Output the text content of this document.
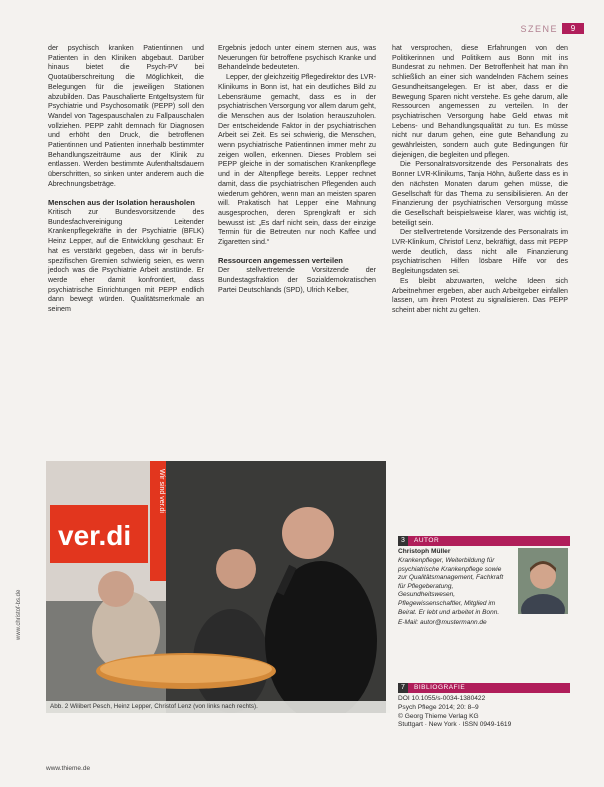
SZENE	9

der psychisch kranken Patientinnen und Patienten in den Kliniken abgebaut. Darüber hinaus bietet die Psych-PV bei Quotaüberschreitung die Möglichkeit, die Belegungen für die jeweiligen Stationen abzubilden. Das Pauschalierte Entgeltsystem für Psychiatrie und Psychosomatik (PEPP) soll den Wandel von Tagespauschalen zu Fallpauschalen vollziehen. PEPP zahlt demnach für Diagnosen und erhöht den Druck, die betroffenen Patientinnen und Patienten innerhalb bestimmter Behandlungszeiträume aus der Klinik zu entlassen. Werden bestimmte Aufenthaltsdauern überschritten, so sinken unter anderem auch die Abrechnungsbeträge.

Menschen aus der Isolation herausholen

Kritisch zur Bundesvorsitzende des Bundesfachvereinigung Leitender Krankenpflegekräfte in der Psychiatrie (BFLK) Heinz Lepper, auf die Entwicklung geschaut: Er hat es verstärkt gegeben, dass wir in berufs-spezifischen Gremien schwierig seien, es wenn jedoch was die Psychiatrie Arbeit anstünde. Er werde eher damit konfrontiert, dass psychiatrische Einrichtungen mit PEPP endlich dann bewegt würden. Qualitätsmerkmale an seinem

Ergebnis jedoch unter einem sternen aus, was Neuerungen für betroffene psychisch Kranke und Behandelnde bedeuteten.

Lepper, der gleichzeitig Pflegedirektor des LVR-Klinikums in Bonn ist, hat ein deutliches Bild zu Lebensräume gemacht, dass es in der psychiatrischen Versorgung vor allem darum geht, die Menschen aus der Isolation herauszuholen. Der entscheidende Faktor in der psychiatrischen Arbeit sei Zeit. Es sei schwierig, die Menschen, wenn psychiatrische Patientinnen immer mehr zu zeigen wollen, erkennen. Dieses Problem sei PEPP gleiche in der somatischen Krankenpflege und in der Altenpflege bereits. Lepper rechnet damit, dass die psychiatrischen Pflegenden auch wiederum gehören, wenn man an meisten sparen will. Prakatisch hat Lepper eine Mahnung ausgesprochen, deren Sprengkraft er sich bewusst ist: „Es darf nicht sein, dass der einzige Termin für die Betreuten nur noch Kaffee und Zigaretten sind.“

Ressourcen angemessen verteilen

Der stellvertretende Vorsitzende der Bundestagsfraktion der Sozialdemokratischen Partei Deutschlands (SPD), Ulrich Kelber,

hat versprochen, diese Erfahrungen von den Politikerinnen und Politikern aus Bonn mit ins Bundesrat zu nehmen. Der Betroffenheit hat man ihn schließlich an einer sich wandelnden Fächern seines Gesundheitsangelegen. Er ist aber, dass er die Bewegung Sparen nicht verstehe. Es gehe darum, alle Ressourcen angemessen zu verteilen. In der psychiatrischen Versorgung habe Geld etwas mit Lebens- und Behandlungsqualität zu tun. Es müsse nicht nur darum gehen, eine gute Behandlung zu gewährleisten, sondern auch gute Bedingungen für diejenigen, die begleiten und pflegen.

Die Personalratsvorsitzende des Personalrats des Bonner LVR-Klinikums, Tanja Höhn, äußerte dass es in den nächsten Monaten darum gehen müsse, die Gesellschaft für das Thema zu sensibilisieren. An der Finanzierung der psychiatrischen Versorgung müsse die Gesellschaft beispielsweise klarer, was wichtig ist, beteiligt sein.

Der stellvertretende Vorsitzende des Personalrats im LVR-Klinikum, Christof Lenz, bekräftigt, dass mit PEPP werde deutlich, dass nicht alle Finanzierung psychiatrischen Hilfen lösbare Hilfe vor des Begleitungsdaten sei.

Es bleibt abzuwarten, welche Ideen sich Arbeitnehmer ergeben, aber auch Arbeitgeber einfallen lassen, um ihren Protest zu signalisieren. Das PEPP scheint aber nicht zu gelten.

ver.di
Wir sind ver.di
Abb. 2 Wilibert Pesch, Heinz Lepper, Christof Lenz (von links nach rechts).
www.christof-bs.de
3	AUTOR
Christoph Müller
Krankenpfleger, Weiterbildung für psychiatrische Krankenpflege sowie zur Qualitätsmanagement, Fachkraft für Pflegeberatung, Gesundheitswesen, Pflegewissenschaftler, Mitglied im Beirat. Er lebt und arbeitet in Bonn.
E-Mail: autor@mustermann.de
7	BIBLIOGRAFIE
DOI 10.1055/s-0034-1380422
Psych Pflege 2014; 20: 8–9
© Georg Thieme Verlag KG
Stuttgart · New York · ISSN 0949-1619
www.thieme.de
